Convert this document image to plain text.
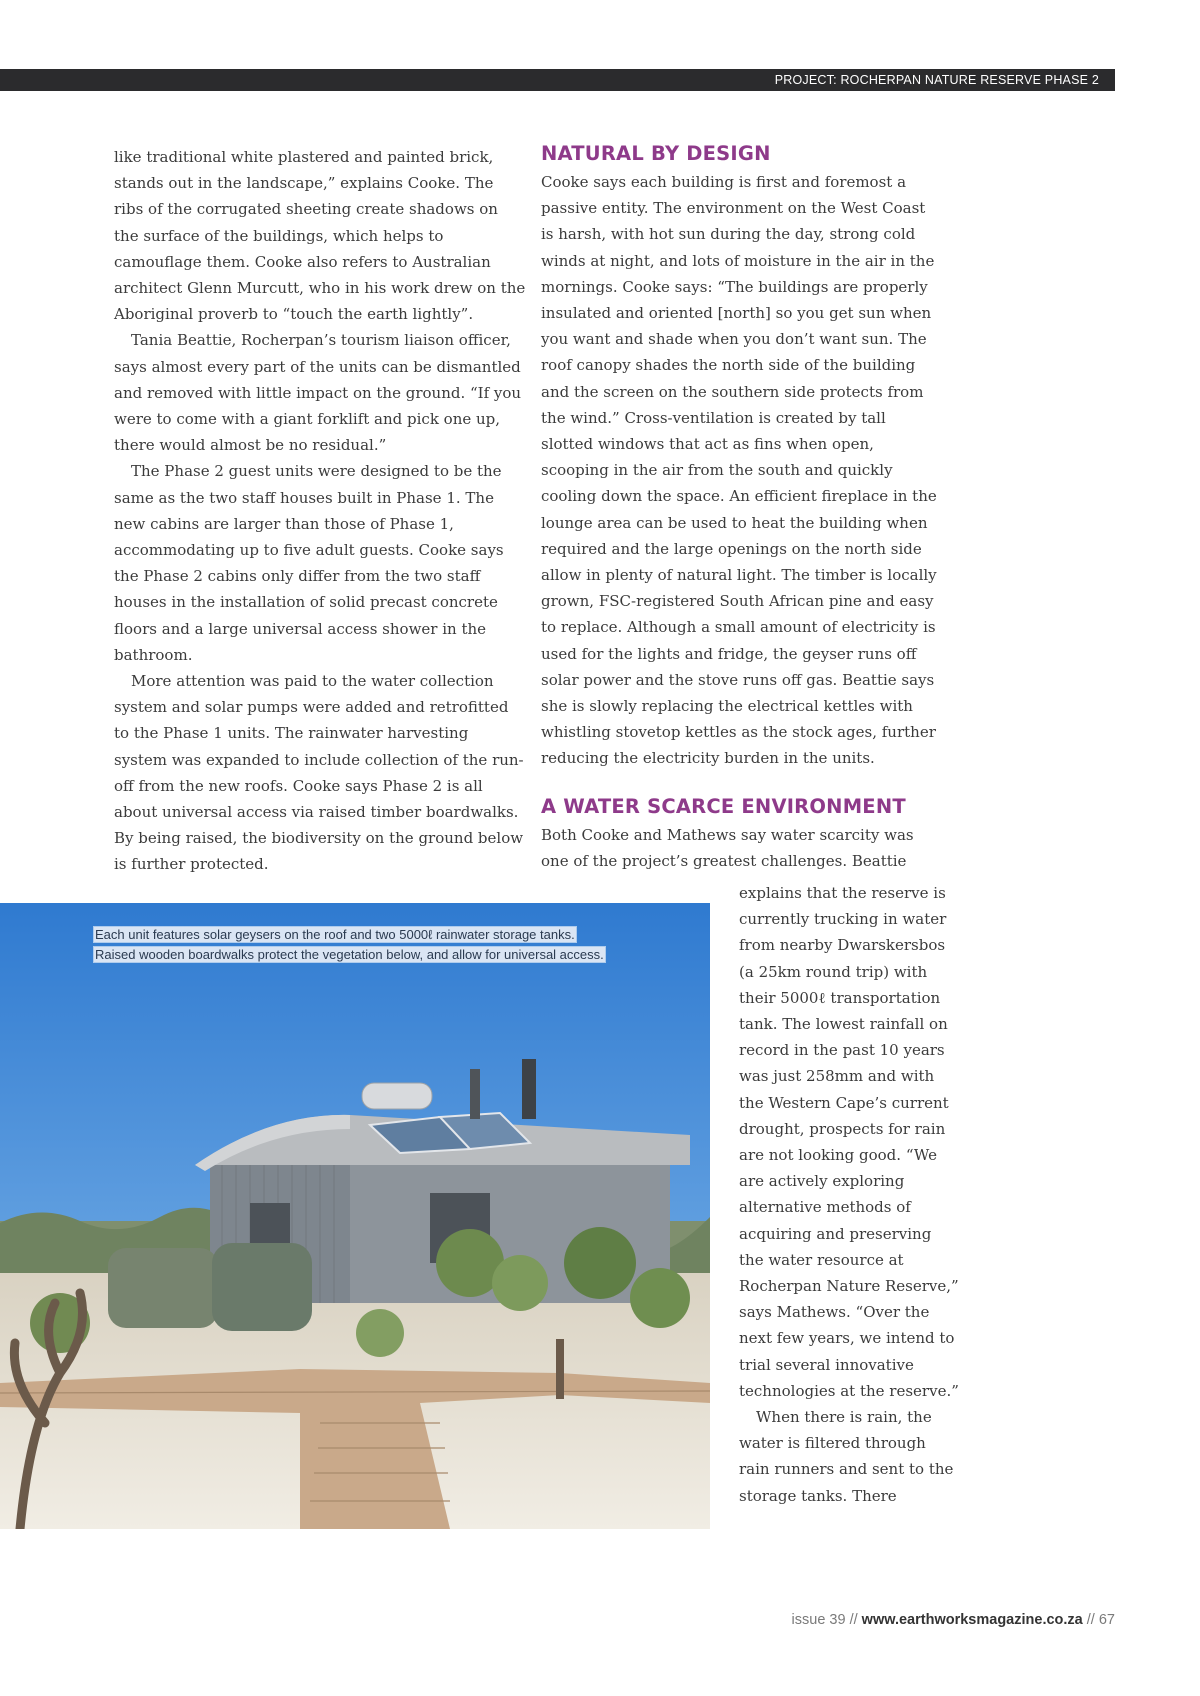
PROJECT: ROCHERPAN NATURE RESERVE PHASE 2

like traditional white plastered and painted brick, stands out in the landscape,” explains Cooke. The ribs of the corrugated sheeting create shadows on the surface of the buildings, which helps to camouflage them. Cooke also refers to Australian architect Glenn Murcutt, who in his work drew on the Aboriginal proverb to “touch the earth lightly”.

Tania Beattie, Rocherpan’s tourism liaison officer, says almost every part of the units can be dismantled and removed with little impact on the ground. “If you were to come with a giant forklift and pick one up, there would almost be no residual.”

The Phase 2 guest units were designed to be the same as the two staff houses built in Phase 1. The new cabins are larger than those of Phase 1, accommodating up to five adult guests. Cooke says the Phase 2 cabins only differ from the two staff houses in the installation of solid precast concrete floors and a large universal access shower in the bathroom.

More attention was paid to the water collection system and solar pumps were added and retrofitted to the Phase 1 units. The rainwater harvesting system was expanded to include collection of the run-off from the new roofs. Cooke says Phase 2 is all about universal access via raised timber boardwalks. By being raised, the biodiversity on the ground below is further protected.

NATURAL BY DESIGN

Cooke says each building is first and foremost a passive entity. The environment on the West Coast is harsh, with hot sun during the day, strong cold winds at night, and lots of moisture in the air in the mornings. Cooke says: “The buildings are properly insulated and oriented [north] so you get sun when you want and shade when you don’t want sun. The roof canopy shades the north side of the building and the screen on the southern side protects from the wind.” Cross-ventilation is created by tall slotted windows that act as fins when open, scooping in the air from the south and quickly cooling down the space. An efficient fireplace in the lounge area can be used to heat the building when required and the large openings on the north side allow in plenty of natural light. The timber is locally grown, FSC-registered South African pine and easy to replace. Although a small amount of electricity is used for the lights and fridge, the geyser runs off solar power and the stove runs off gas. Beattie says she is slowly replacing the electrical kettles with whistling stovetop kettles as the stock ages, further reducing the electricity burden in the units.

A WATER SCARCE ENVIRONMENT

Both Cooke and Mathews say water scarcity was one of the project’s greatest challenges. Beattie

Each unit features solar geysers on the roof and two 5000ℓ rainwater storage tanks.
Raised wooden boardwalks protect the vegetation below, and allow for universal access.

explains that the reserve is currently trucking in water from nearby Dwarskersbos (a 25km round trip) with their 5000ℓ transportation tank. The lowest rainfall on record in the past 10 years was just 258mm and with the Western Cape’s current drought, prospects for rain are not looking good. “We are actively exploring alternative methods of acquiring and preserving the water resource at Rocherpan Nature Reserve,” says Mathews. “Over the next few years, we intend to trial several innovative technologies at the reserve.”

When there is rain, the water is filtered through rain runners and sent to the storage tanks. There

issue 39 // www.earthworksmagazine.co.za // 67
